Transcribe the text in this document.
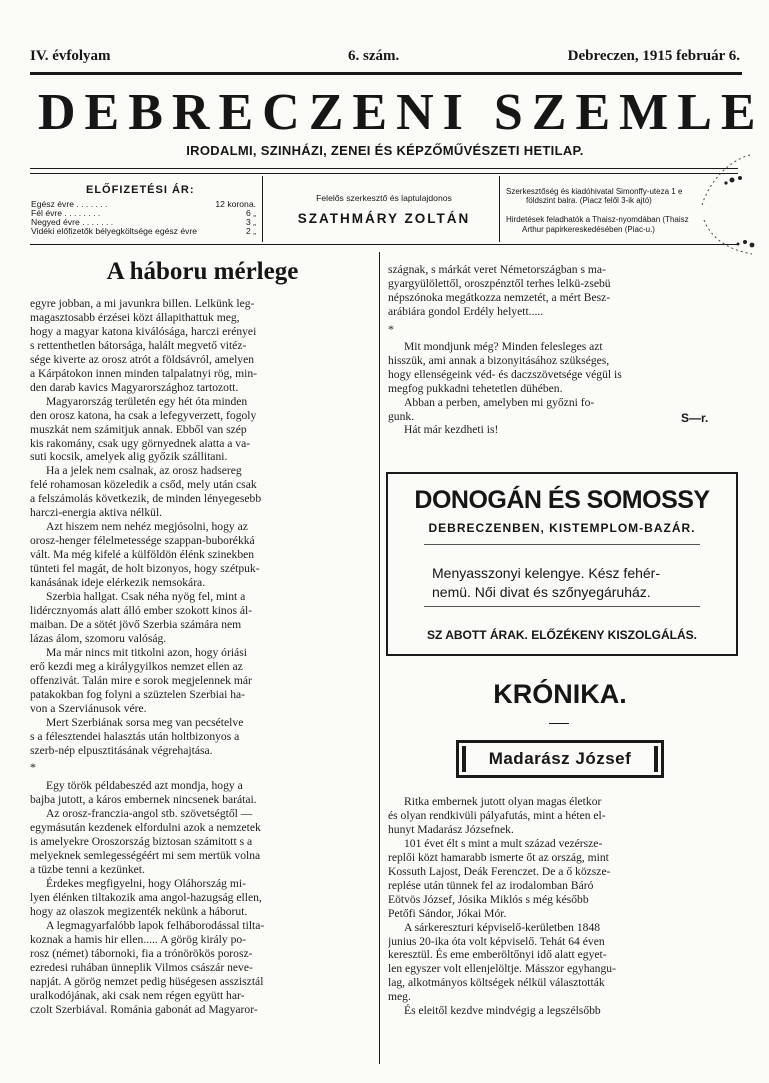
IV. évfolyam	6. szám.	Debreczen, 1915 február 6.
DEBRECZENI SZEMLE
IRODALMI, SZINHÁZI, ZENEI ÉS KÉPZŐMŰVÉSZETI HETILAP.
ELŐFIZETÉSI ÁR:
Egész évre . . . . . . .	12 korona.
Fél évre . . . . . . . .	6 „
Negyed évre . . . . . . .	3 „
Vidéki előfizetők bélyegköltsége egész évre	2 „
Felelős szerkesztő és laptulajdonos
SZATHMÁRY ZOLTÁN
Szerkesztőség és kiadóhivatal Simonffy-uteza 1 e
földszint balra. (Piacz felől 3-ik ajtó)
Hirdetések feladhatók a Thaisz-nyomdában (Thaisz
Arthur papirkereskedésében (Piac-u.)
A háboru mérlege

egyre jobban, a mi javunkra billen. Lelkünk leg-

magasztosabb érzései közt állapithattuk meg,

hogy a magyar katona kiválósága, harczi erényei

s rettenthetlen bátorsága, halált megvető vitéz-

sége kiverte az orosz atrót a földsávról, amelyen

a Kárpátokon innen minden talpalatnyi rög, min-

den darab kavics Magyarországhoz tartozott.

Magyarország területén egy hét óta minden

den orosz katona, ha csak a lefegyverzett, fogoly

muszkát nem számitjuk annak. Ebből van szép

kis rakomány, csak ugy görnyednek alatta a va-

suti kocsik, amelyek alig győzik szállitani.

Ha a jelek nem csalnak, az orosz hadsereg

felé rohamosan közeledik a csőd, mely után csak

a felszámolás következik, de minden lényegesebb

harczi-energia aktiva nélkül.

Azt hiszem nem nehéz megjósolni, hogy az

orosz-henger félelmetessége szappan-buborékká

vált. Ma még kifelé a külföldön élénk szinekben

tünteti fel magát, de holt bizonyos, hogy szétpuk-

kanásának ideje elérkezik nemsokára.

Szerbia hallgat. Csak néha nyög fel, mint a

lidércznyomás alatt álló ember szokott kinos ál-

maiban. De a sötét jövő Szerbia számára nem

lázas álom, szomoru valóság.

Ma már nincs mit titkolni azon, hogy óriási

erő kezdi meg a királygyilkos nemzet ellen az

offenzivát. Talán mire e sorok megjelennek már

patakokban fog folyni a szüztelen Szerbiai ha-

von a Szerviánusok vére.

Mert Szerbiának sorsa meg van pecsételve

s a félesztendei halasztás után holtbizonyos a

szerb-nép elpusztitásának végrehajtása.

*

Egy török példabeszéd azt mondja, hogy a

bajba jutott, a káros embernek nincsenek barátai.

Az orosz-franczia-angol stb. szövetségtől —

egymásután kezdenek elfordulni azok a nemzetek

is amelyekre Oroszország biztosan számitott s a

melyeknek semlegességéért mi sem mertük volna

a tüzbe tenni a kezünket.

Érdekes megfigyelni, hogy Oláhország mi-

lyen élénken tiltakozik ama angol-hazugság ellen,

hogy az olaszok megizenték nekünk a háborut.

A legmagyarfalóbb lapok felháborodással tilta-

koznak a hamis hir ellen..... A görög király po-

rosz (német) tábornoki, fia a trónörökös porosz-

ezredesi ruhában ünneplik Vilmos császár neve-

napját. A görög nemzet pedig hüségesen asszisztál

uralkodójának, aki csak nem régen együtt har-

czolt Szerbiával. Románia gabonát ad Magyaror-

szágnak, s márkát veret Németországban s ma-

gyargyülölettől, oroszpénztől terhes lelkü-zsebü

népszónoka megátkozza nemzetét, a mért Besz-

arábiára gondol Erdély helyett.....

*

Mit mondjunk még? Minden felesleges azt

hisszük, ami annak a bizonyitásához szükséges,

hogy ellenségeink véd- és daczszövetsége végül is

megfog pukkadni tehetetlen dühében.

Abban a perben, amelyben mi győzni fo-

gunk.

Hát már kezdheti is!

S—r.
DONOGÁN ÉS SOMOSSY
DEBRECZENBEN, KISTEMPLOM-BAZÁR.
Menyasszonyi kelengye. Kész fehér-
nemü. Női divat és szőnyegáruház.
SZ ABOTT ÁRAK. ELŐZÉKENY KISZOLGÁLÁS.
KRÓNIKA.
Madarász József

Ritka embernek jutott olyan magas életkor

és olyan rendkivüli pályafutás, mint a héten el-

hunyt Madarász Józsefnek.

101 évet élt s mint a mult század vezérsze-

replői közt hamarabb ismerte őt az ország, mint

Kossuth Lajost, Deák Ferenczet. De a ő közsze-

replése után tünnek fel az irodalomban Báró

Eötvös József, Jósika Miklós s még később

Petőfi Sándor, Jókai Mór.

A sárkereszturi képviselő-kerületben 1848

junius 20-ika óta volt képviselő. Tehát 64 éven

keresztül. És eme emberöltőnyi idő alatt egyet-

len egyszer volt ellenjelöltje. Másszor egyhangu-

lag, alkotmányos költségek nélkül választották

meg.

És eleitől kezdve mindvégig a legszélsőbb
